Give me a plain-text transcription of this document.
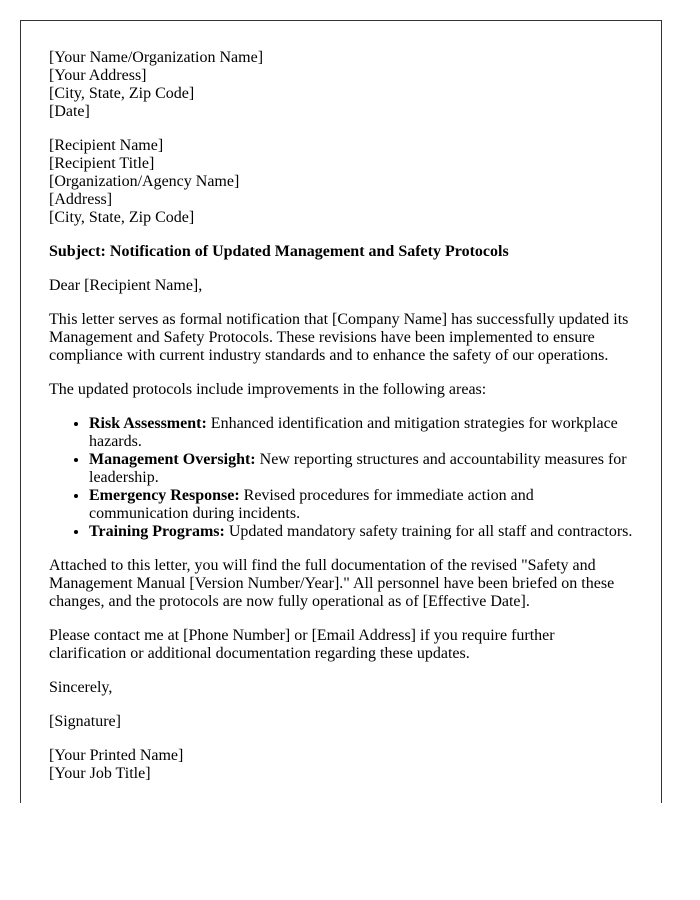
[Your Name/Organization Name]
[Your Address]
[City, State, Zip Code]
[Date]

[Recipient Name]
[Recipient Title]
[Organization/Agency Name]
[Address]
[City, State, Zip Code]

Subject: Notification of Updated Management and Safety Protocols

Dear [Recipient Name],

This letter serves as formal notification that [Company Name] has successfully updated its Management and Safety Protocols. These revisions have been implemented to ensure compliance with current industry standards and to enhance the safety of our operations.

The updated protocols include improvements in the following areas:

• Risk Assessment: Enhanced identification and mitigation strategies for workplace hazards.
• Management Oversight: New reporting structures and accountability measures for leadership.
• Emergency Response: Revised procedures for immediate action and communication during incidents.
• Training Programs: Updated mandatory safety training for all staff and contractors.

Attached to this letter, you will find the full documentation of the revised "Safety and Management Manual [Version Number/Year]." All personnel have been briefed on these changes, and the protocols are now fully operational as of [Effective Date].

Please contact me at [Phone Number] or [Email Address] if you require further clarification or additional documentation regarding these updates.

Sincerely,

[Signature]

[Your Printed Name]
[Your Job Title]
